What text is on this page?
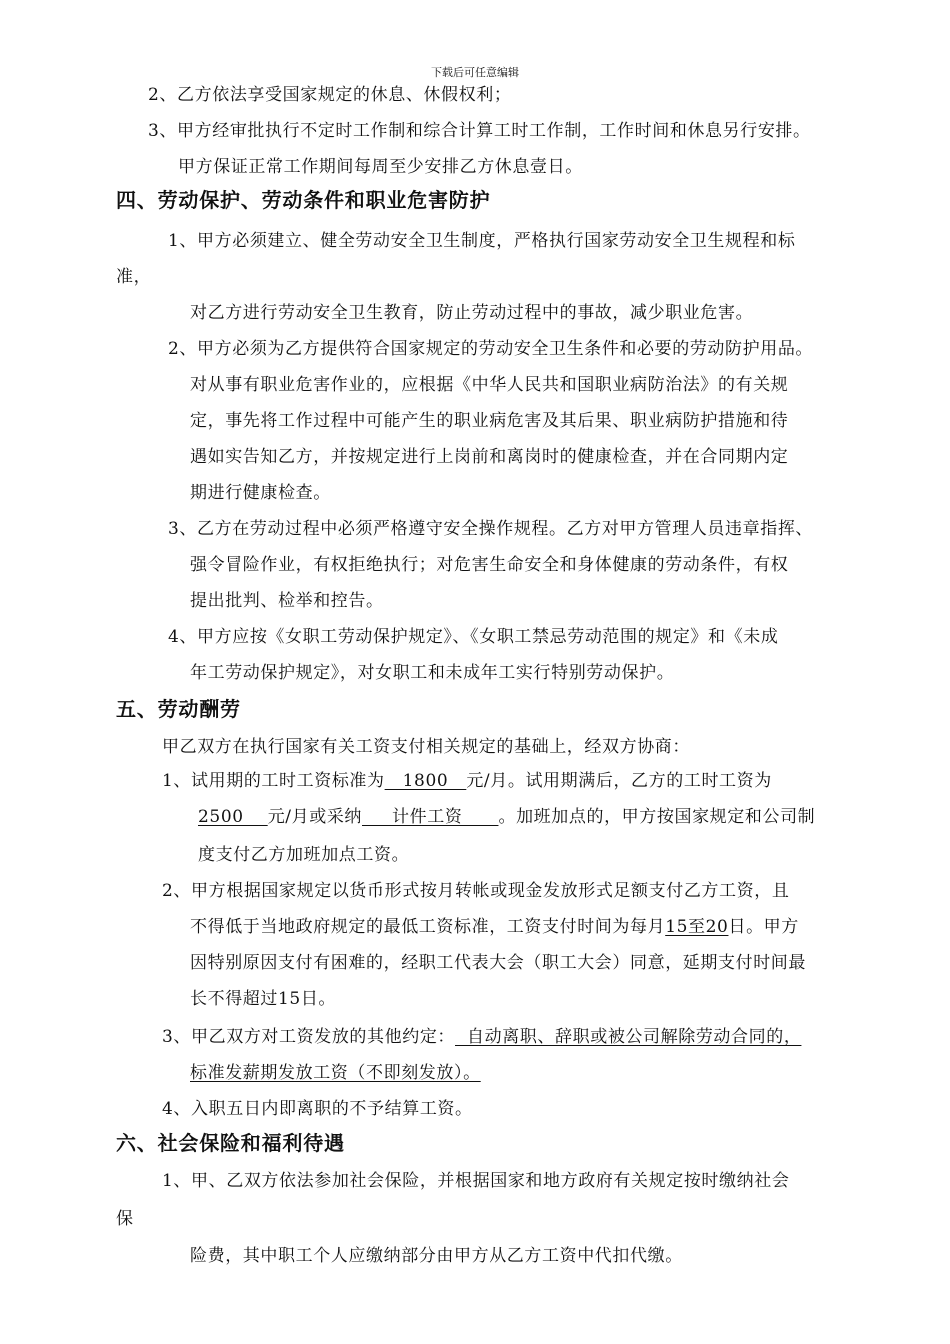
下载后可任意编辑
2、乙方依法享受国家规定的休息、休假权利；
3、甲方经审批执行不定时工作制和综合计算工时工作制，工作时间和休息另行安排。
甲方保证正常工作期间每周至少安排乙方休息壹日。
四、劳动保护、劳动条件和职业危害防护
1、甲方必须建立、健全劳动安全卫生制度，严格执行国家劳动安全卫生规程和标
准，
对乙方进行劳动安全卫生教育，防止劳动过程中的事故，减少职业危害。
2、甲方必须为乙方提供符合国家规定的劳动安全卫生条件和必要的劳动防护用品。
对从事有职业危害作业的，应根据《中华人民共和国职业病防治法》的有关规
定，事先将工作过程中可能产生的职业病危害及其后果、职业病防护措施和待
遇如实告知乙方，并按规定进行上岗前和离岗时的健康检查，并在合同期内定
期进行健康检查。
3、乙方在劳动过程中必须严格遵守安全操作规程。乙方对甲方管理人员违章指挥、
强令冒险作业，有权拒绝执行；对危害生命安全和身体健康的劳动条件，有权
提出批判、检举和控告。
4、甲方应按《女职工劳动保护规定》、《女职工禁忌劳动范围的规定》和《未成
年工劳动保护规定》，对女职工和未成年工实行特别劳动保护。
五、劳动酬劳
甲乙双方在执行国家有关工资支付相关规定的基础上，经双方协商：
1、试用期的工时工资标准为   1800   元/月。试用期满后，乙方的工时工资为
2500    元/月或采纳     计件工资      。加班加点的，甲方按国家规定和公司制
度支付乙方加班加点工资。
2、甲方根据国家规定以货币形式按月转帐或现金发放形式足额支付乙方工资，且
不得低于当地政府规定的最低工资标准，工资支付时间为每月15至20日。甲方
因特别原因支付有困难的，经职工代表大会（职工大会）同意，延期支付时间最
长不得超过15日。
3、甲乙双方对工资发放的其他约定：  自动离职、辞职或被公司解除劳动合同的，
标准发薪期发放工资（不即刻发放）。
4、入职五日内即离职的不予结算工资。
六、社会保险和福利待遇
1、甲、乙双方依法参加社会保险，并根据国家和地方政府有关规定按时缴纳社会
保
险费，其中职工个人应缴纳部分由甲方从乙方工资中代扣代缴。
